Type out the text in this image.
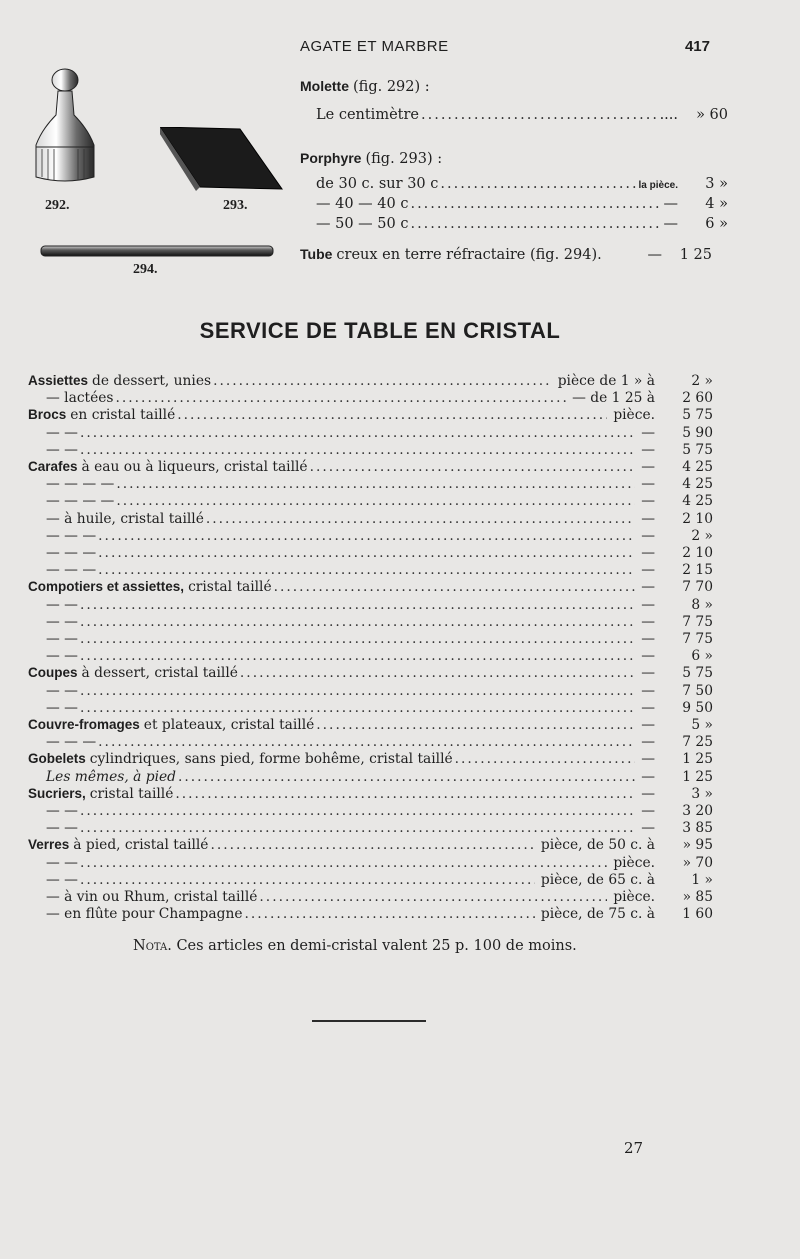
AGATE ET MARBRE	417
292.	293.
294.
Molette (fig. 292) :
Le centimètre .....	....	» 60
Porphyre (fig. 293) :
de 30 c. sur 30 c .....	la pièce.	3 »
— 40 — 40 c .....	—	4 »
— 50 — 50 c .....	—	6 »
Tube creux en terre réfractaire (fig. 294).	—	1 25
SERVICE DE TABLE EN CRISTAL
Assiettes de dessert, unies .....	pièce de 1 » à	2 »
— lactées .....	— de 1 25 à	2 60
Brocs en cristal taillé .....	pièce.	5 75
— — .....	—	5 90
— — .....	—	5 75
Carafes à eau ou à liqueurs, cristal taillé .....	—	4 25
— — — — .....	—	4 25
— — — — .....	—	4 25
— à huile, cristal taillé .....	—	2 10
— — — .....	—	2 »
— — — .....	—	2 10
— — — .....	—	2 15
Compotiers et assiettes, cristal taillé .....	—	7 70
— — .....	—	8 »
— — .....	—	7 75
— — .....	—	7 75
— — .....	—	6 »
Coupes à dessert, cristal taillé .....	—	5 75
— — .....	—	7 50
— — .....	—	9 50
Couvre-fromages et plateaux, cristal taillé .....	—	5 »
— — — .....	—	7 25
Gobelets cylindriques, sans pied, forme bohême, cristal taillé .....	—	1 25
Les mêmes, à pied .....	—	1 25
Sucriers, cristal taillé .....	—	3 »
— — .....	—	3 20
— — .....	—	3 85
Verres à pied, cristal taillé .....	pièce, de 50 c. à	» 95
— — .....	pièce.	» 70
— — .....	pièce, de 65 c. à	1 »
— à vin ou Rhum, cristal taillé .....	pièce.	» 85
— en flûte pour Champagne .....	pièce, de 75 c. à	1 60
Nota. Ces articles en demi-cristal valent 25 p. 100 de moins.
27
